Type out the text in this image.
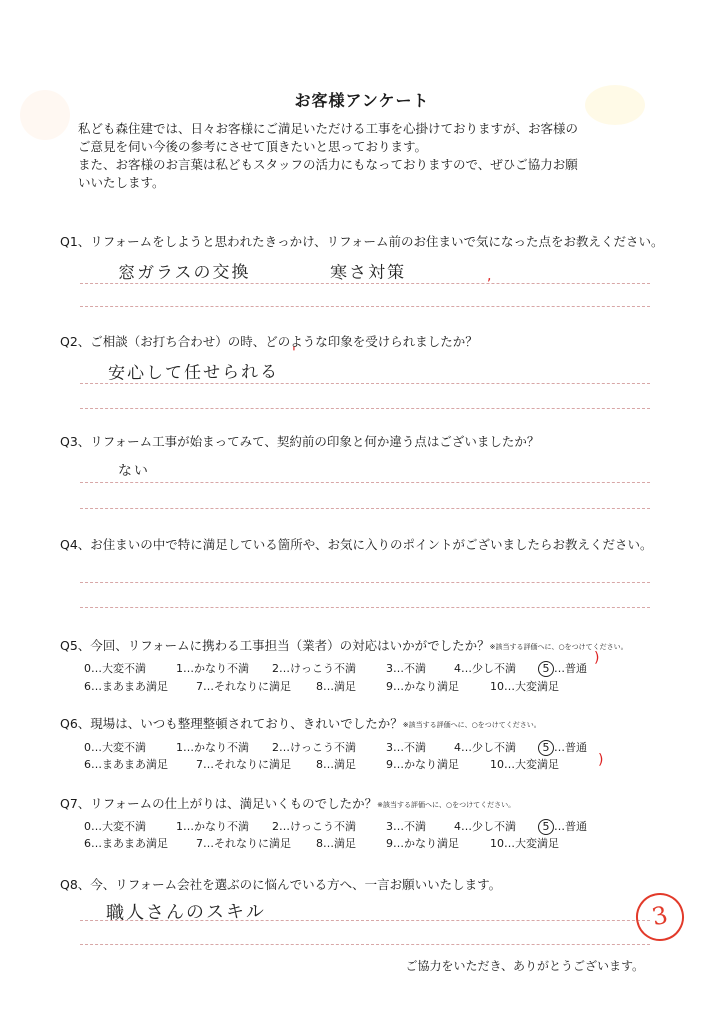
お客様アンケート

私ども森住建では、日々お客様にご満足いただける工事を心掛けておりますが、お客様の

ご意見を伺い今後の参考にさせて頂きたいと思っております。

また、お客様のお言葉は私どもスタッフの活力にもなっておりますので、ぜひご協力お願

いいたします。

Q1、リフォームをしようと思われたきっかけ、リフォーム前のお住まいで気になった点をお教えください。
窓ガラスの交換	寒さ対策	,
Q2、ご相談（お打ち合わせ）の時、どのような印象を受けられましたか？
安心して任せられる
'
Q3、リフォーム工事が始まってみて、契約前の印象と何か違う点はございましたか？
ない
Q4、お住まいの中で特に満足している箇所や、お気に入りのポイントがございましたらお教えください。
Q5、今回、リフォームに携わる工事担当（業者）の対応はいかがでしたか？※該当する評価へに、○をつけてください。
0…大変不満	1…かなり不満 2…けっこう不満	3…不満	4…少し不満 5 …普通
6…まあまあ満足	7…それなりに満足 8…満足	9…かなり満足	10…大変満足
)
Q6、現場は、いつも整理整頓されており、きれいでしたか？※該当する評価へに、○をつけてください。
0…大変不満	1…かなり不満 2…けっこう不満	3…不満	4…少し不満 5 …普通
6…まあまあ満足	7…それなりに満足 8…満足	9…かなり満足	10…大変満足	)
Q7、リフォームの仕上がりは、満足いくものでしたか？※該当する評価へに、○をつけてください。
0…大変不満	1…かなり不満 2…けっこう不満	3…不満	4…少し不満 5 …普通
6…まあまあ満足	7…それなりに満足 8…満足	9…かなり満足	10…大変満足
Q8、今、リフォーム会社を選ぶのに悩んでいる方へ、一言お願いいたします。
職人さんのスキル
ご協力をいただき、ありがとうございます。
3
